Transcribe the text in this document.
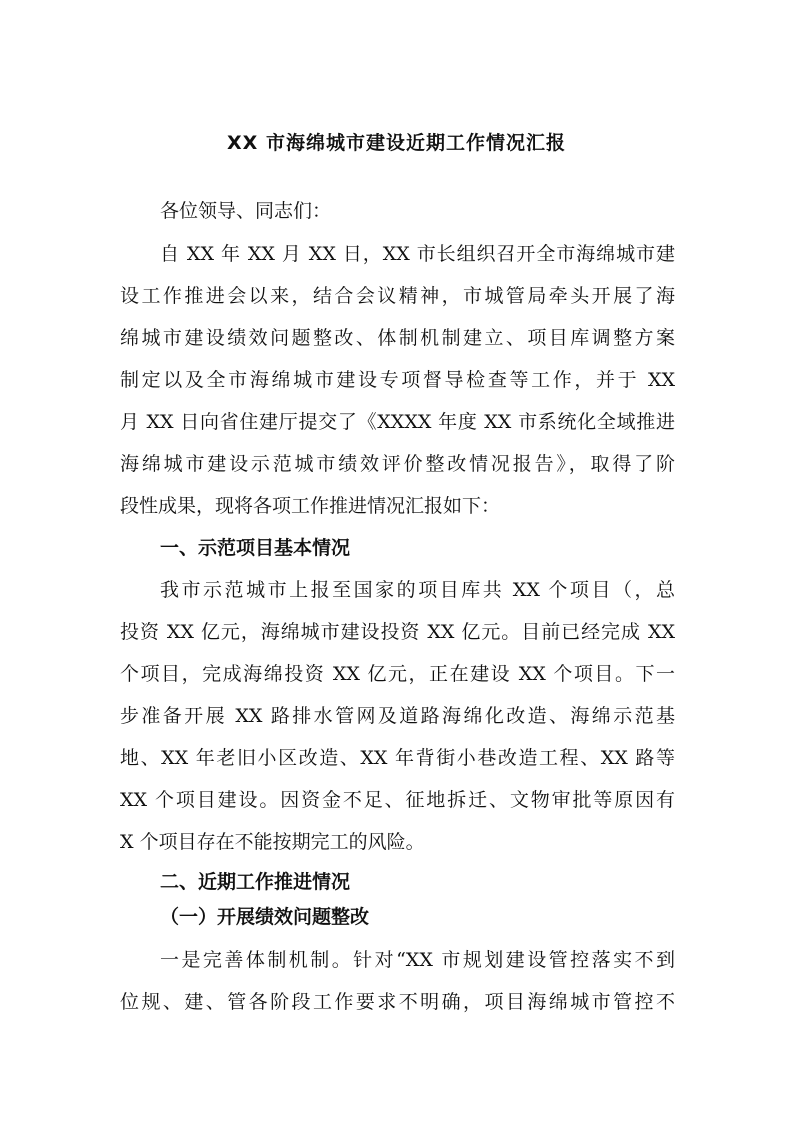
XX 市海绵城市建设近期工作情况汇报
各位领导、同志们：
自 XX 年 XX 月 XX 日，XX 市长组织召开全市海绵城市建
设工作推进会以来，结合会议精神，市城管局牵头开展了海
绵城市建设绩效问题整改、体制机制建立、项目库调整方案
制定以及全市海绵城市建设专项督导检查等工作，并于 XX
月 XX 日向省住建厅提交了《XXXX 年度 XX 市系统化全域推进
海绵城市建设示范城市绩效评价整改情况报告》，取得了阶
段性成果，现将各项工作推进情况汇报如下：
一、示范项目基本情况
我市示范城市上报至国家的项目库共 XX 个项目（，总
投资 XX 亿元，海绵城市建设投资 XX 亿元。目前已经完成 XX
个项目，完成海绵投资 XX 亿元，正在建设 XX 个项目。下一
步准备开展 XX 路排水管网及道路海绵化改造、海绵示范基
地、XX 年老旧小区改造、XX 年背街小巷改造工程、XX 路等
XX 个项目建设。因资金不足、征地拆迁、文物审批等原因有
X 个项目存在不能按期完工的风险。
二、近期工作推进情况
（一）开展绩效问题整改
一是完善体制机制。针对“XX 市规划建设管控落实不到
位规、建、管各阶段工作要求不明确，项目海绵城市管控不
